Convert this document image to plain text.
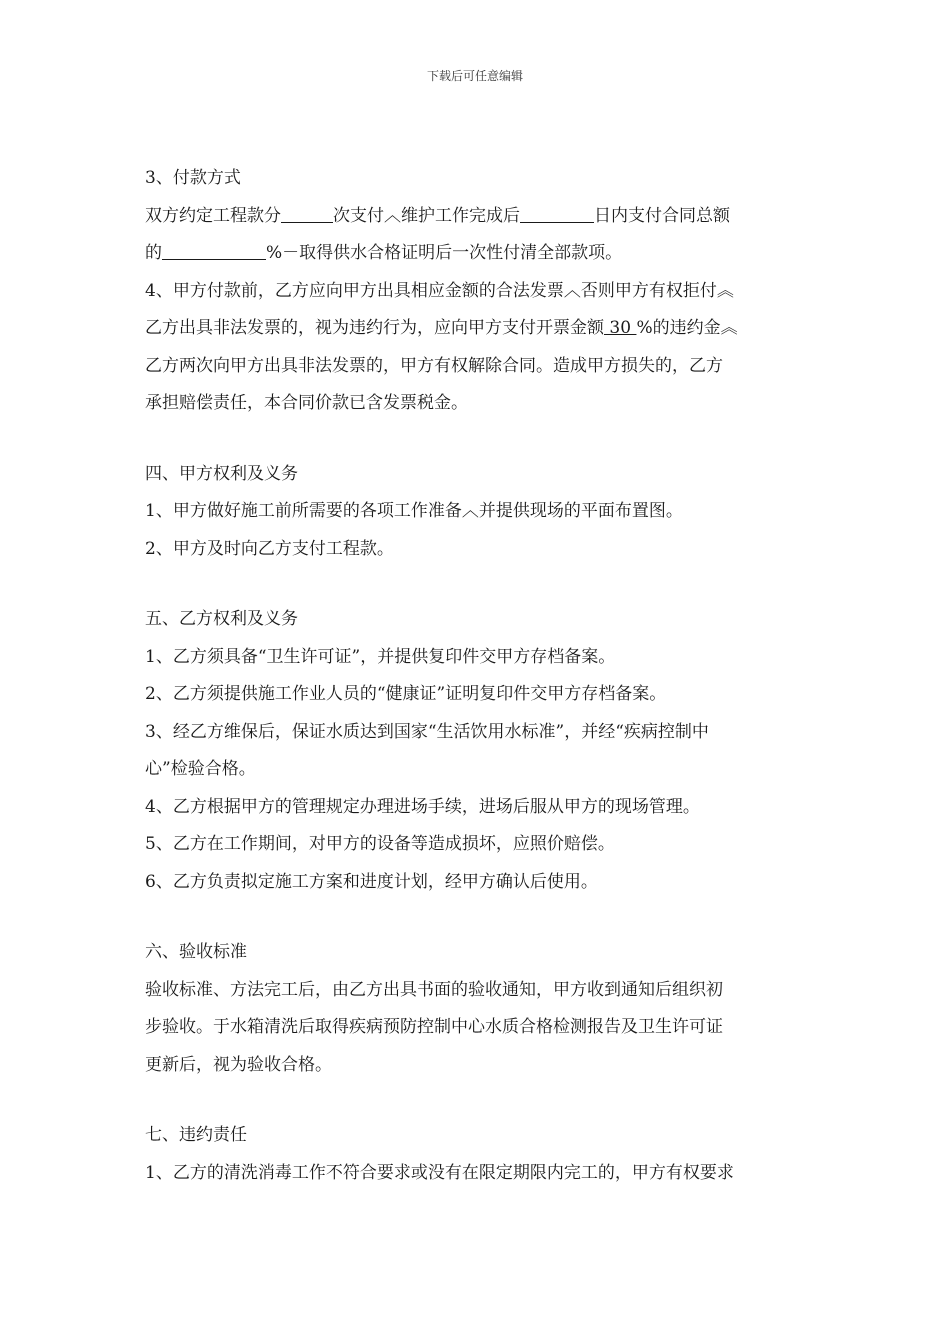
下载后可任意编辑
3、付款方式
双方约定工程款分	次支付︿维护工作完成后	日内支付合同总额
的	%－取得供水合格证明后一次性付清全部款项。
4、甲方付款前，乙方应向甲方出具相应金额的合法发票︿否则甲方有权拒付︽
乙方出具非法发票的，视为违约行为，应向甲方支付开票金额 30 %的违约金︽
乙方两次向甲方出具非法发票的，甲方有权解除合同。造成甲方损失的，乙方
承担赔偿责任，本合同价款已含发票税金。
四、甲方权利及义务
1、甲方做好施工前所需要的各项工作准备︿并提供现场的平面布置图。
2、甲方及时向乙方支付工程款。
五、乙方权利及义务
1、乙方须具备“卫生许可证”，并提供复印件交甲方存档备案。
2、乙方须提供施工作业人员的“健康证”证明复印件交甲方存档备案。
3、经乙方维保后，保证水质达到国家“生活饮用水标准”，并经“疾病控制中
心”检验合格。
4、乙方根据甲方的管理规定办理进场手续，进场后服从甲方的现场管理。
5、乙方在工作期间，对甲方的设备等造成损坏，应照价赔偿。
6、乙方负责拟定施工方案和进度计划，经甲方确认后使用。
六、验收标准
验收标准、方法完工后，由乙方出具书面的验收通知，甲方收到通知后组织初
步验收。于水箱清洗后取得疾病预防控制中心水质合格检测报告及卫生许可证
更新后，视为验收合格。
七、违约责任
1、乙方的清洗消毒工作不符合要求或没有在限定期限内完工的，甲方有权要求
